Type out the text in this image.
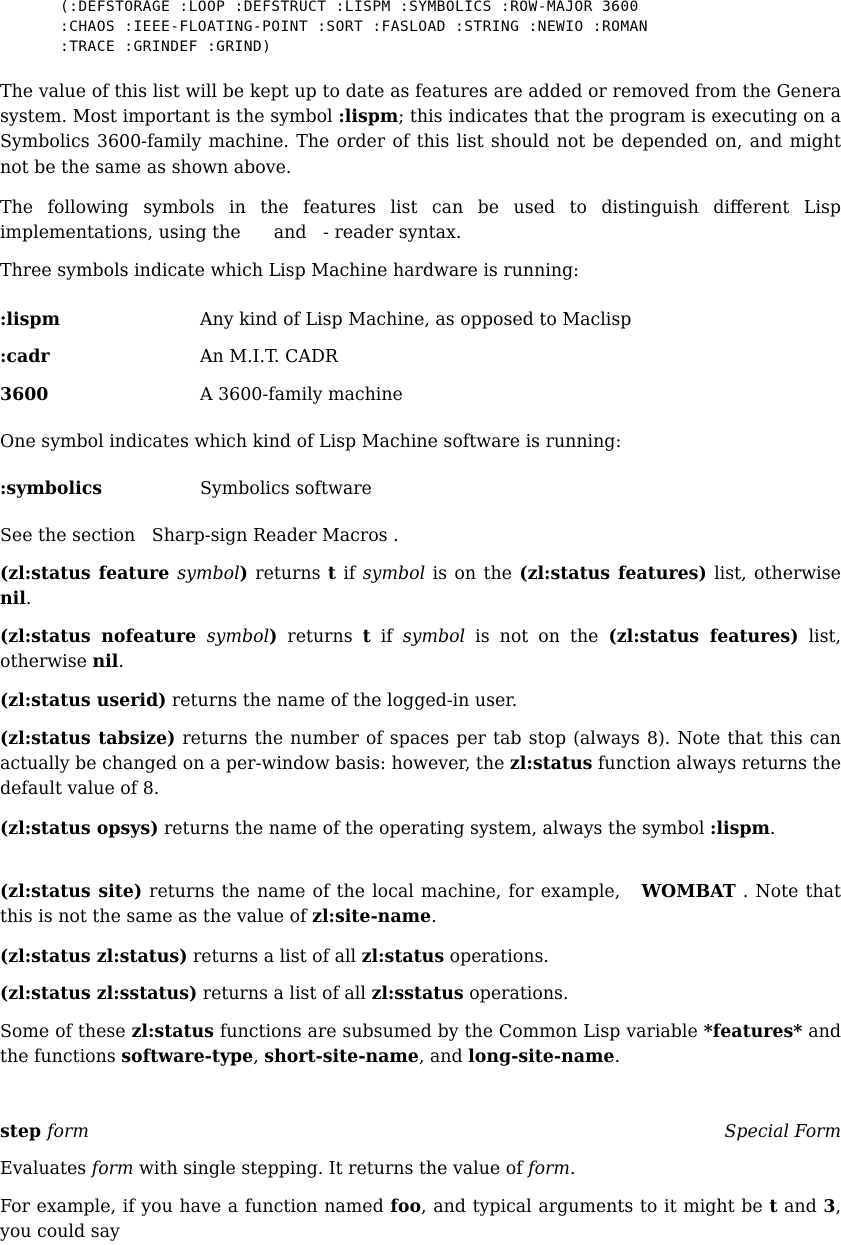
(:DEFSTORAGE :LOOP :DEFSTRUCT :LISPM :SYMBOLICS :ROW-MAJOR 3600
:CHAOS :IEEE-FLOATING-POINT :SORT :FASLOAD :STRING :NEWIO :ROMAN
:TRACE :GRINDEF :GRIND)
The value of this list will be kept up to date as features are added or removed from the Genera system. Most important is the symbol :lispm; this indicates that the program is executing on a Symbolics 3600-family machine. The order of this list should not be depended on, and might not be the same as shown above.
The following symbols in the features list can be used to distinguish different Lisp implementations, using the      and   - reader syntax.
Three symbols indicate which Lisp Machine hardware is running:
:lispm	Any kind of Lisp Machine, as opposed to Maclisp
:cadr	An M.I.T. CADR
3600	A 3600-family machine
One symbol indicates which kind of Lisp Machine software is running:
:symbolics	Symbolics software
See the section   Sharp-sign Reader Macros .
(zl:status feature symbol) returns t if symbol is on the (zl:status features) list, otherwise nil.
(zl:status nofeature symbol) returns t if symbol is not on the (zl:status features) list, otherwise nil.
(zl:status userid) returns the name of the logged-in user.
(zl:status tabsize) returns the number of spaces per tab stop (always 8). Note that this can actually be changed on a per-window basis: however, the zl:status function always returns the default value of 8.
(zl:status opsys) returns the name of the operating system, always the symbol :lispm.
(zl:status site) returns the name of the local machine, for example,   WOMBAT . Note that this is not the same as the value of zl:site-name.
(zl:status zl:status) returns a list of all zl:status operations.
(zl:status zl:sstatus) returns a list of all zl:sstatus operations.
Some of these zl:status functions are subsumed by the Common Lisp variable *features* and the functions software-type, short-site-name, and long-site-name.
step form	Special Form
Evaluates form with single stepping. It returns the value of form.
For example, if you have a function named foo, and typical arguments to it might be t and 3, you could say
